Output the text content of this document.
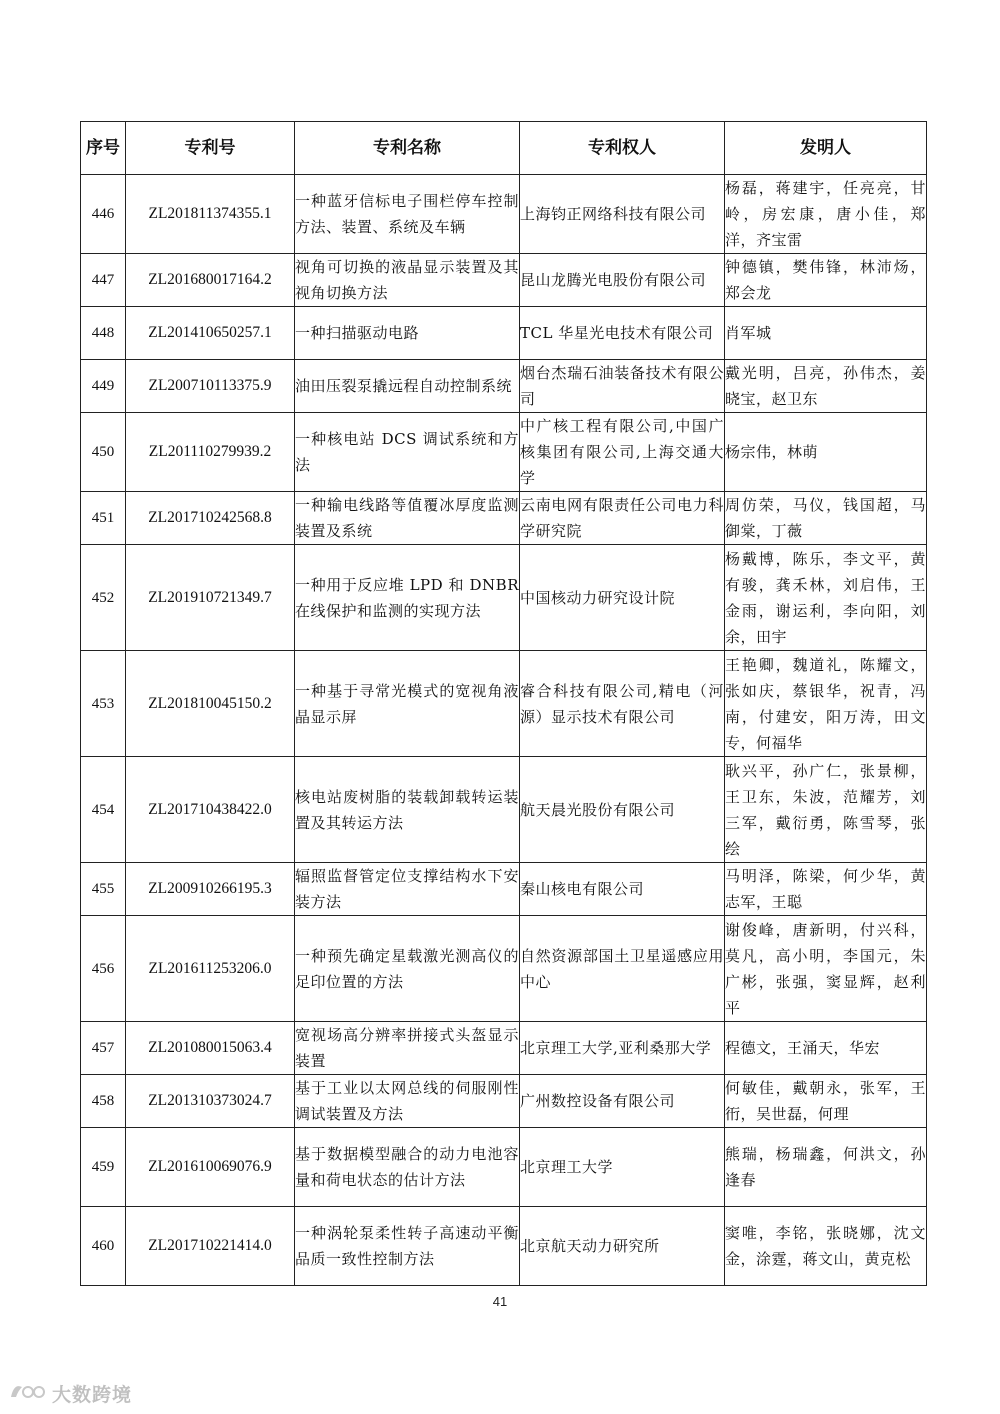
序号	专利号	专利名称	专利权人	发明人
446	ZL201811374355.1	一种蓝牙信标电子围栏停车控制方法、装置、系统及车辆	上海钧正网络科技有限公司	杨磊，蒋建宇，任亮亮，甘岭，房宏康，唐小佳，郑洋，齐宝雷
447	ZL201680017164.2	视角可切换的液晶显示装置及其视角切换方法	昆山龙腾光电股份有限公司	钟德镇，樊伟锋，林沛炀，郑会龙
448	ZL201410650257.1	一种扫描驱动电路	TCL 华星光电技术有限公司	肖军城
449	ZL200710113375.9	油田压裂泵撬远程自动控制系统	烟台杰瑞石油装备技术有限公司	戴光明，吕亮，孙伟杰，姜晓宝，赵卫东
450	ZL201110279939.2	一种核电站 DCS 调试系统和方法	中广核工程有限公司,中国广核集团有限公司,上海交通大学	杨宗伟，林萌
451	ZL201710242568.8	一种输电线路等值覆冰厚度监测装置及系统	云南电网有限责任公司电力科学研究院	周仿荣，马仪，钱国超，马御棠，丁薇
452	ZL201910721349.7	一种用于反应堆 LPD 和 DNBR 在线保护和监测的实现方法	中国核动力研究设计院	杨戴博，陈乐，李文平，黄有骏，龚禾林，刘启伟，王金雨，谢运利，李向阳，刘余，田宇
453	ZL201810045150.2	一种基于寻常光模式的宽视角液晶显示屏	睿合科技有限公司,精电（河源）显示技术有限公司	王艳卿，魏道礼，陈耀文，张如庆，蔡银华，祝青，冯南，付建安，阳万涛，田文专，何福华
454	ZL201710438422.0	核电站废树脂的装载卸载转运装置及其转运方法	航天晨光股份有限公司	耿兴平，孙广仁，张景柳，王卫东，朱波，范耀芳，刘三军，戴衍勇，陈雪琴，张绘
455	ZL200910266195.3	辐照监督管定位支撑结构水下安装方法	秦山核电有限公司	马明泽，陈梁，何少华，黄志军，王聪
456	ZL201611253206.0	一种预先确定星载激光测高仪的足印位置的方法	自然资源部国土卫星遥感应用中心	谢俊峰，唐新明，付兴科，莫凡，高小明，李国元，朱广彬，张强，窦显辉，赵利平
457	ZL201080015063.4	宽视场高分辨率拼接式头盔显示装置	北京理工大学,亚利桑那大学	程德文，王涌天，华宏
458	ZL201310373024.7	基于工业以太网总线的伺服刚性调试装置及方法	广州数控设备有限公司	何敏佳，戴朝永，张军，王衎，吴世磊，何理
459	ZL201610069076.9	基于数据模型融合的动力电池容量和荷电状态的估计方法	北京理工大学	熊瑞，杨瑞鑫，何洪文，孙逢春
460	ZL201710221414.0	一种涡轮泵柔性转子高速动平衡品质一致性控制方法	北京航天动力研究所	窦唯，李铭，张晓娜，沈文金，涂霆，蒋文山，黄克松
41
大数跨境
